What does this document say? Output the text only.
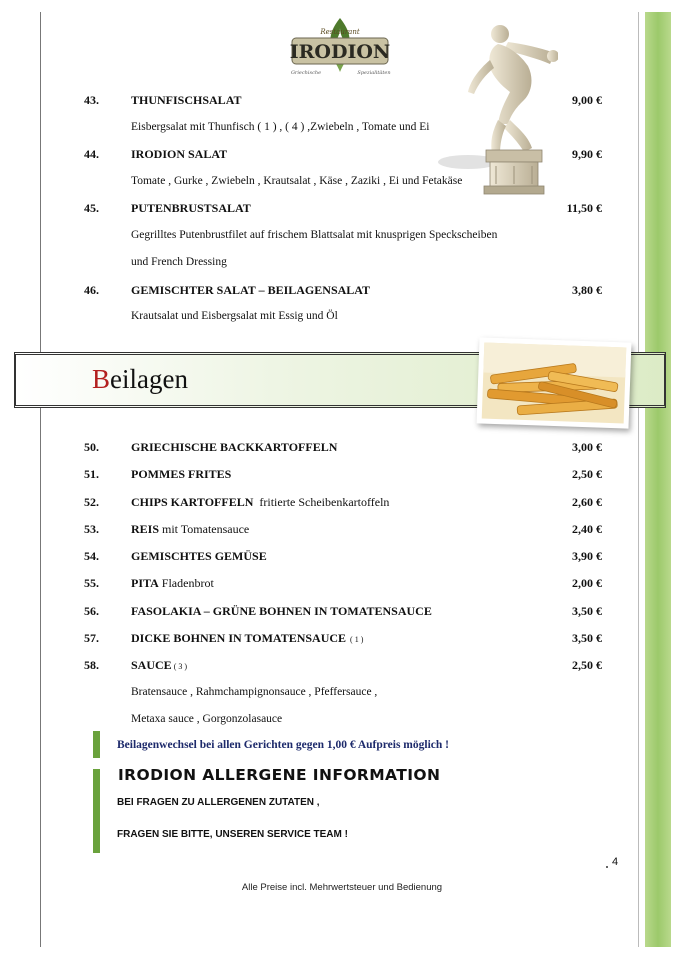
Restaurant
IRODION
Griechische	Spezialitäten
43.	THUNFISCHSALAT	9,00 €
Eisbergsalat mit Thunfisch ( 1 ) , ( 4 ) ,Zwiebeln , Tomate und Ei
44.	IRODION SALAT	9,90 €
Tomate , Gurke , Zwiebeln , Krautsalat , Käse , Zaziki , Ei und Fetakäse
45.	PUTENBRUSTSALAT	11,50 €
Gegrilltes Putenbrustfilet auf frischem Blattsalat mit knusprigen Speckscheiben
und French Dressing
46.	GEMISCHTER SALAT – BEILAGENSALAT	3,80 €
Krautsalat und Eisbergsalat mit Essig und Öl
Beilagen
50.	GRIECHISCHE BACKKARTOFFELN	3,00 €
51.	POMMES FRITES	2,50 €
52.	CHIPS KARTOFFELN  fritierte Scheibenkartoffeln	2,60 €
53.	REIS mit Tomatensauce	2,40 €
54.	GEMISCHTES GEMÜSE	3,90 €
55.	PITA Fladenbrot	2,00 €
56.	FASOLAKIA – GRÜNE BOHNEN IN TOMATENSAUCE	3,50 €
57.	DICKE BOHNEN IN TOMATENSAUCE  ( 1 )	3,50 €
58.	SAUCE ( 3 )	2,50 €
Bratensauce , Rahmchampignonsauce , Pfeffersauce ,
Metaxa sauce , Gorgonzolasauce
Beilagenwechsel bei allen Gerichten gegen 1,00 € Aufpreis möglich !
IRODION ALLERGENE INFORMATION
BEI FRAGEN ZU ALLERGENEN ZUTATEN ,
FRAGEN SIE BITTE, UNSEREN SERVICE TEAM !
4
Alle Preise incl. Mehrwertsteuer und Bedienung
